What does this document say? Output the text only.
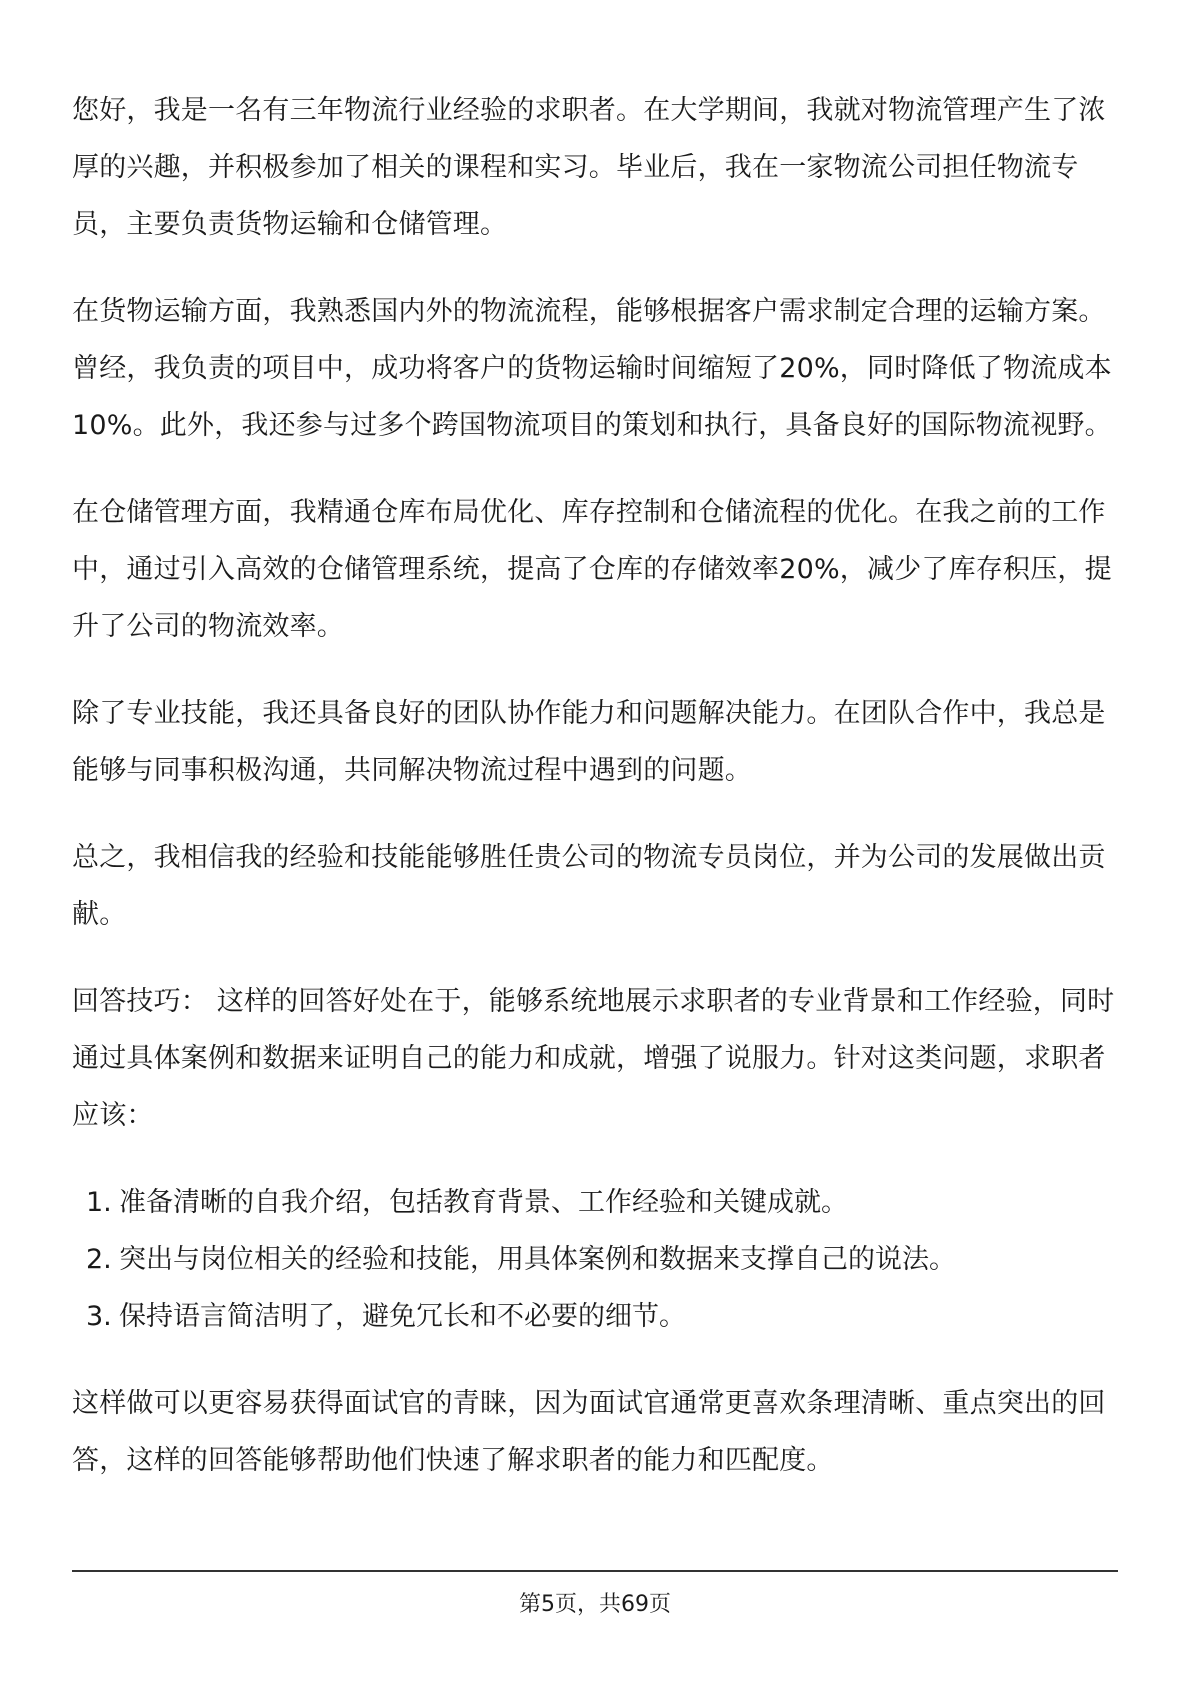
您好，我是一名有三年物流行业经验的求职者。在大学期间，我就对物流管理产生了浓厚的兴趣，并积极参加了相关的课程和实习。毕业后，我在一家物流公司担任物流专员，主要负责货物运输和仓储管理。

在货物运输方面，我熟悉国内外的物流流程，能够根据客户需求制定合理的运输方案。曾经，我负责的项目中，成功将客户的货物运输时间缩短了20%，同时降低了物流成本10%。此外，我还参与过多个跨国物流项目的策划和执行，具备良好的国际物流视野。

在仓储管理方面，我精通仓库布局优化、库存控制和仓储流程的优化。在我之前的工作中，通过引入高效的仓储管理系统，提高了仓库的存储效率20%，减少了库存积压，提升了公司的物流效率。

除了专业技能，我还具备良好的团队协作能力和问题解决能力。在团队合作中，我总是能够与同事积极沟通，共同解决物流过程中遇到的问题。

总之，我相信我的经验和技能能够胜任贵公司的物流专员岗位，并为公司的发展做出贡献。

回答技巧： 这样的回答好处在于，能够系统地展示求职者的专业背景和工作经验，同时通过具体案例和数据来证明自己的能力和成就，增强了说服力。针对这类问题，求职者应该：

1. 准备清晰的自我介绍，包括教育背景、工作经验和关键成就。
2. 突出与岗位相关的经验和技能，用具体案例和数据来支撑自己的说法。
3. 保持语言简洁明了，避免冗长和不必要的细节。

这样做可以更容易获得面试官的青睐，因为面试官通常更喜欢条理清晰、重点突出的回答，这样的回答能够帮助他们快速了解求职者的能力和匹配度。

第5页，共69页
